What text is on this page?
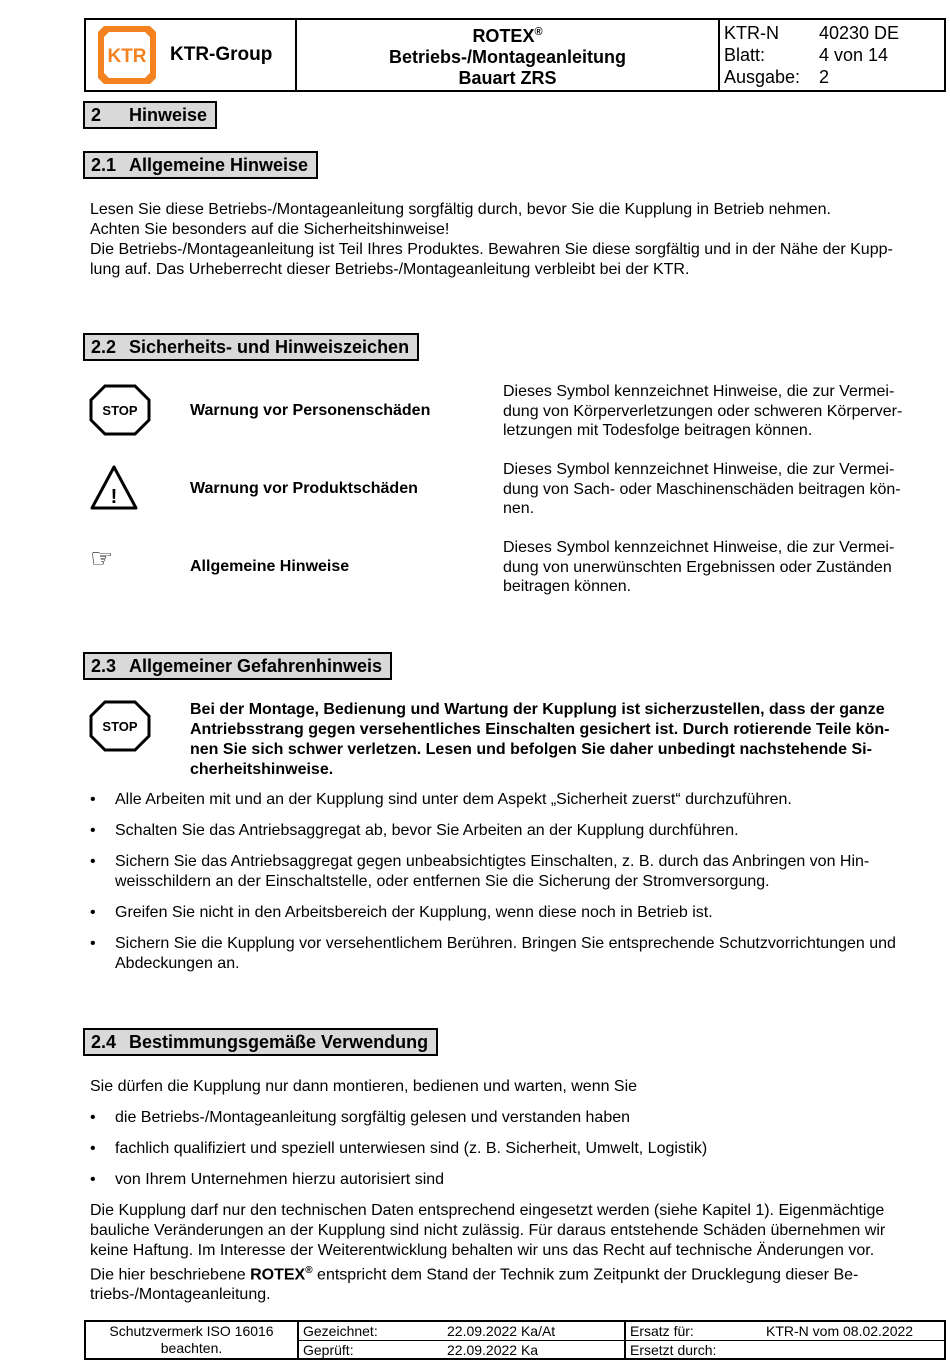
KTR KTR-Group
ROTEX®
Betriebs-/Montageanleitung
Bauart ZRS
KTR-N	40230 DE
Blatt:	4 von 14
Ausgabe:	2
2 Hinweise
2.1 Allgemeine Hinweise
Lesen Sie diese Betriebs-/Montageanleitung sorgfältig durch, bevor Sie die Kupplung in Betrieb nehmen.
Achten Sie besonders auf die Sicherheitshinweise!
Die Betriebs-/Montageanleitung ist Teil Ihres Produktes. Bewahren Sie diese sorgfältig und in der Nähe der Kupp-
lung auf. Das Urheberrecht dieser Betriebs-/Montageanleitung verbleibt bei der KTR.
2.2 Sicherheits- und Hinweiszeichen
STOP	Warnung vor Personenschäden
Dieses Symbol kennzeichnet Hinweise, die zur Vermei-
dung von Körperverletzungen oder schweren Körperver-
letzungen mit Todesfolge beitragen können.
!	Warnung vor Produktschäden
Dieses Symbol kennzeichnet Hinweise, die zur Vermei-
dung von Sach- oder Maschinenschäden beitragen kön-
nen.
☞	Allgemeine Hinweise
Dieses Symbol kennzeichnet Hinweise, die zur Vermei-
dung von unerwünschten Ergebnissen oder Zuständen
beitragen können.
2.3 Allgemeiner Gefahrenhinweis
STOP
Bei der Montage, Bedienung und Wartung der Kupplung ist sicherzustellen, dass der ganze
Antriebsstrang gegen versehentliches Einschalten gesichert ist. Durch rotierende Teile kön-
nen Sie sich schwer verletzen. Lesen und befolgen Sie daher unbedingt nachstehende Si-
cherheitshinweise.
• Alle Arbeiten mit und an der Kupplung sind unter dem Aspekt „Sicherheit zuerst“ durchzuführen.
• Schalten Sie das Antriebsaggregat ab, bevor Sie Arbeiten an der Kupplung durchführen.
• Sichern Sie das Antriebsaggregat gegen unbeabsichtigtes Einschalten, z. B. durch das Anbringen von Hin-
weisschildern an der Einschaltstelle, oder entfernen Sie die Sicherung der Stromversorgung.
• Greifen Sie nicht in den Arbeitsbereich der Kupplung, wenn diese noch in Betrieb ist.
• Sichern Sie die Kupplung vor versehentlichem Berühren. Bringen Sie entsprechende Schutzvorrichtungen und
Abdeckungen an.
2.4 Bestimmungsgemäße Verwendung
Sie dürfen die Kupplung nur dann montieren, bedienen und warten, wenn Sie
• die Betriebs-/Montageanleitung sorgfältig gelesen und verstanden haben
• fachlich qualifiziert und speziell unterwiesen sind (z. B. Sicherheit, Umwelt, Logistik)
• von Ihrem Unternehmen hierzu autorisiert sind
Die Kupplung darf nur den technischen Daten entsprechend eingesetzt werden (siehe Kapitel 1). Eigenmächtige
bauliche Veränderungen an der Kupplung sind nicht zulässig. Für daraus entstehende Schäden übernehmen wir
keine Haftung. Im Interesse der Weiterentwicklung behalten wir uns das Recht auf technische Änderungen vor.
Die hier beschriebene ROTEX® entspricht dem Stand der Technik zum Zeitpunkt der Drucklegung dieser Be-
triebs-/Montageanleitung.
Schutzvermerk ISO 16016
beachten.
Gezeichnet:	22.09.2022 Ka/At
Geprüft:	22.09.2022 Ka
Ersatz für:	KTR-N vom 08.02.2022
Ersetzt durch:
